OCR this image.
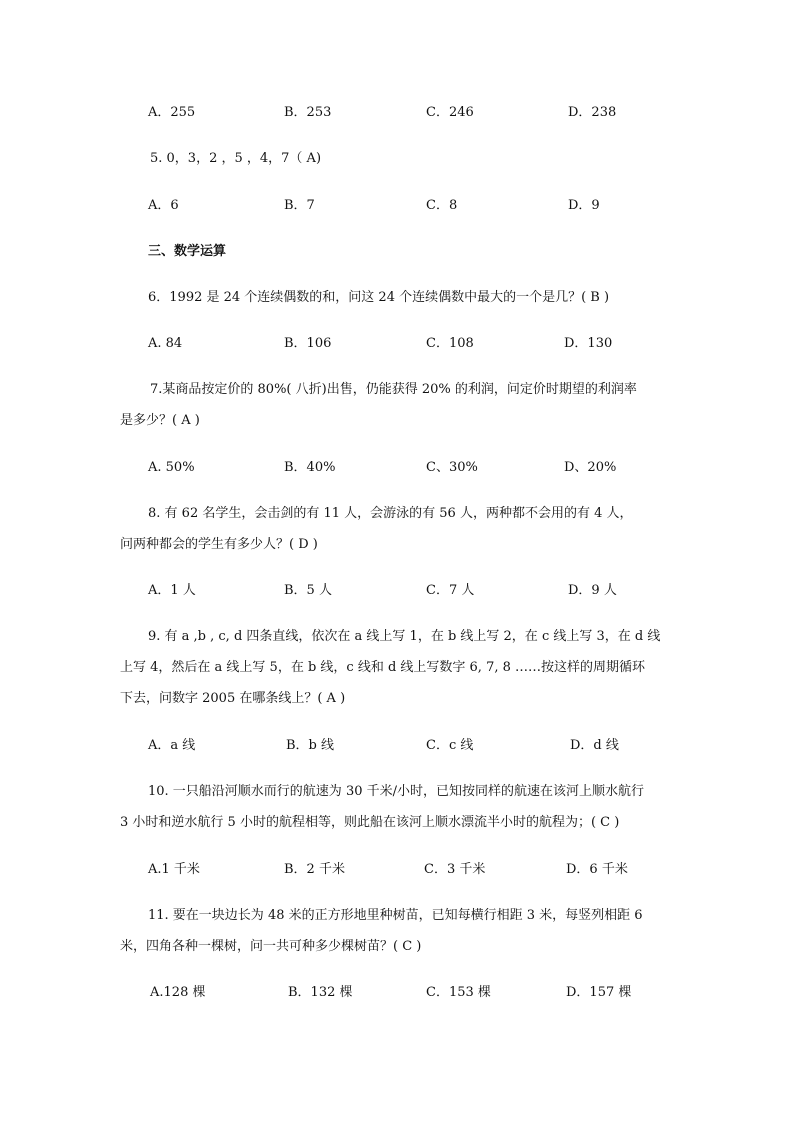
A．255	B．253	C．246	D．238
5. 0，3，2 ，5 ，4，7（ A)
A．6	B．7	C．8	D．9
三、数学运算
6．1992 是 24 个连续偶数的和，问这 24 个连续偶数中最大的一个是几？( B )
A. 84	B．106	C．108	D．130
7.某商品按定价的 80%( 八折)出售，仍能获得 20% 的利润，问定价时期望的利润率
是多少？( A )
A. 50%	B．40%	C、30%	D、20%
8. 有 62 名学生，会击剑的有 11 人，会游泳的有 56 人，两种都不会用的有 4 人，
问两种都会的学生有多少人？( D )
A．1 人	B．5 人	C．7 人	D．9 人
9. 有 a ,b , c, d 四条直线，依次在 a 线上写 1，在 b 线上写 2，在 c 线上写 3，在 d 线
上写 4，然后在 a 线上写 5，在 b 线，c 线和 d 线上写数字 6, 7, 8 ……按这样的周期循环
下去，问数字 2005 在哪条线上？( A )
A．a 线	B．b 线	C．c 线	D．d 线
10. 一只船沿河顺水而行的航速为 30 千米/小时，已知按同样的航速在该河上顺水航行
3 小时和逆水航行 5 小时的航程相等，则此船在该河上顺水漂流半小时的航程为；( C )
A.1 千米	B．2 千米	C．3 千米	D．6 千米
11. 要在一块边长为 48 米的正方形地里种树苗，已知每横行相距 3 米，每竖列相距 6
米，四角各种一棵树，问一共可种多少棵树苗？( C )
A.128 棵	B．132 棵	C．153 棵	D．157 棵
